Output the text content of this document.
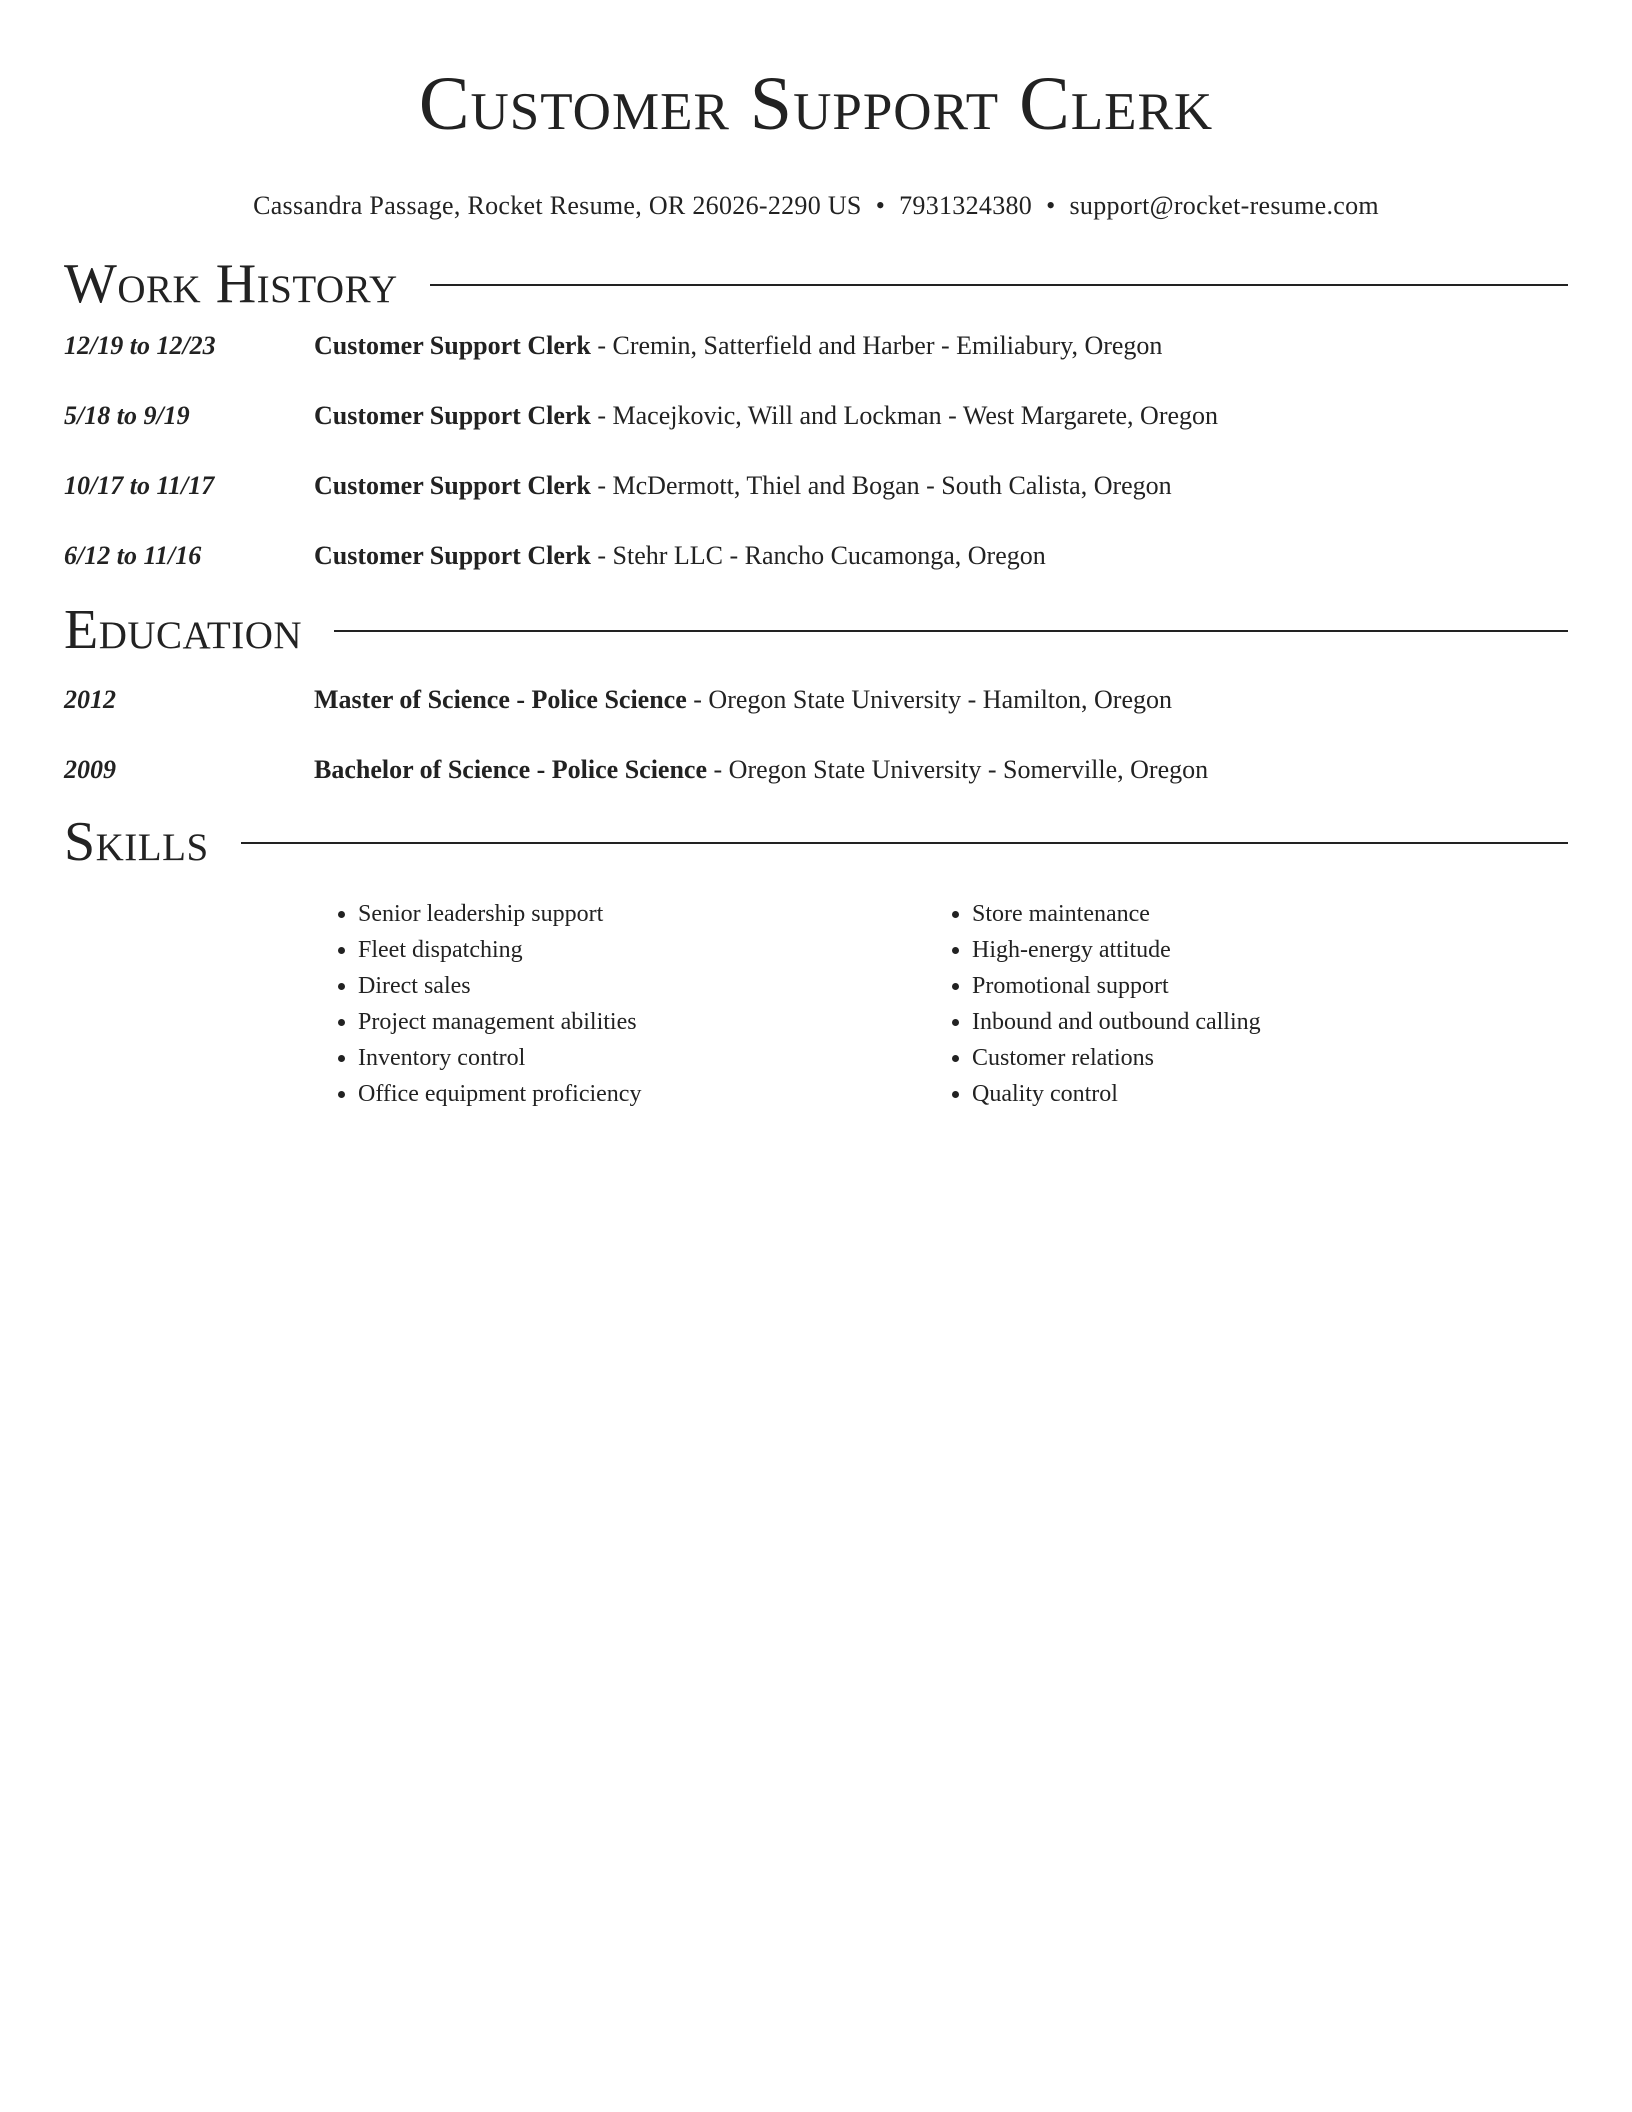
Customer Support Clerk
Cassandra Passage, Rocket Resume, OR 26026-2290 US • 7931324380 • support@rocket-resume.com
Work History
12/19 to 12/23	Customer Support Clerk - Cremin, Satterfield and Harber - Emiliabury, Oregon
5/18 to 9/19	Customer Support Clerk - Macejkovic, Will and Lockman - West Margarete, Oregon
10/17 to 11/17	Customer Support Clerk - McDermott, Thiel and Bogan - South Calista, Oregon
6/12 to 11/16	Customer Support Clerk - Stehr LLC - Rancho Cucamonga, Oregon
Education
2012	Master of Science - Police Science - Oregon State University - Hamilton, Oregon
2009	Bachelor of Science - Police Science - Oregon State University - Somerville, Oregon
Skills
• Senior leadership support
• Fleet dispatching
• Direct sales
• Project management abilities
• Inventory control
• Office equipment proficiency
• Store maintenance
• High-energy attitude
• Promotional support
• Inbound and outbound calling
• Customer relations
• Quality control
